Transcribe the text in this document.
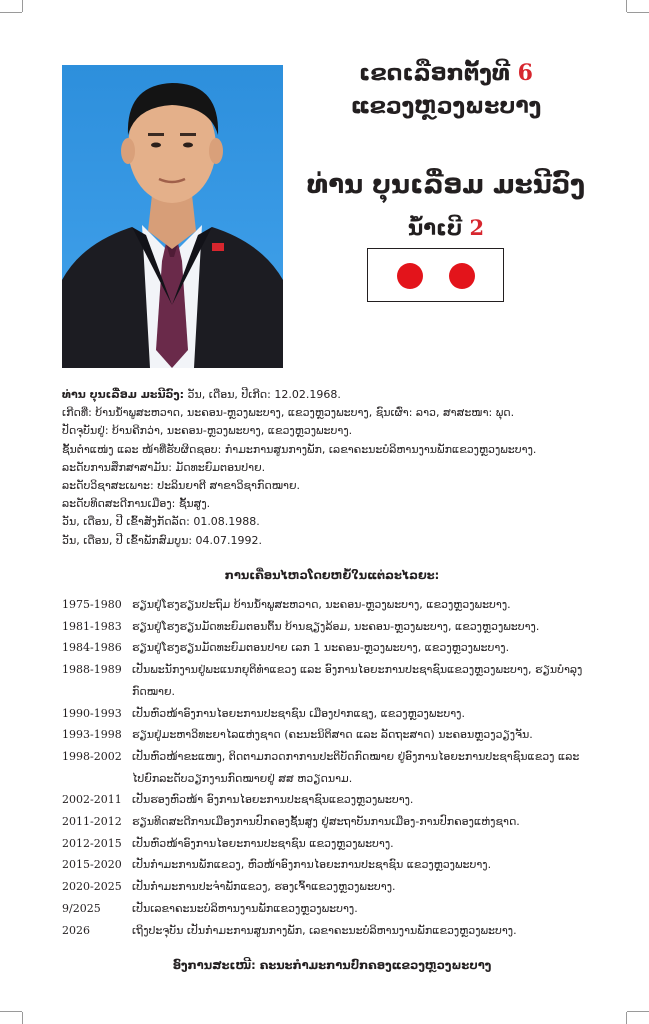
ເຂດເລືອກຕັ້ງທີ 6
ແຂວງຫຼວງພະບາງ
ທ່ານ ບຸນເລື່ອມ ມະນີວົງ
ນ້ຳເບີ 2
ທ່ານ ບຸນເລື່ອມ ມະນີວົງ: ວັນ, ເດືອນ, ປີເກີດ: 12.02.1968.
ເກີດທີ່: ບ້ານນ້ຳພູສະຫວາດ, ນະຄອນ-ຫຼວງພະບາງ, ແຂວງຫຼວງພະບາງ, ຊົນເຜົ່າ: ລາວ, ສາສະໜາ: ພຸດ.
ປັດຈຸບັນຢູ່: ບ້ານຄີກວ່າ, ນະຄອນ-ຫຼວງພະບາງ, ແຂວງຫຼວງພະບາງ.
ຊັ້ນຕຳແໜ່ງ ແລະ ໜ້າທີ່ຮັບຜິດຊອບ: ກຳມະການສູນກາງພັກ, ເລຂາຄະນະບໍລິຫານງານພັກແຂວງຫຼວງພະບາງ.
ລະດັບການສຶກສາສາມັນ: ມັດທະຍົມຕອນປາຍ.
ລະດັບວິຊາສະເພາະ: ປະລິນຍາຕີ ສາຂາວິຊາກົດໝາຍ.
ລະດັບທິດສະດີການເມືອງ: ຊັ້ນສູງ.
ວັນ, ເດືອນ, ປີ ເຂົ້າສັງກັດລັດ: 01.08.1988.
ວັນ, ເດືອນ, ປີ ເຂົ້າພັກສົມບູນ: 04.07.1992.
ການເຄື່ອນໄຫວໂດຍຫຍໍ້ໃນແຕ່ລະໄລຍະ:
1975-1980 ຮຽນຢູ່ໂຮງຮຽນປະຖົມ ບ້ານນ້ຳພູສະຫວາດ, ນະຄອນ-ຫຼວງພະບາງ, ແຂວງຫຼວງພະບາງ.
1981-1983 ຮຽນຢູ່ໂຮງຮຽນມັດທະຍົມຕອນຕົ້ນ ບ້ານຊຽງລ້ອມ, ນະຄອນ-ຫຼວງພະບາງ, ແຂວງຫຼວງພະບາງ.
1984-1986 ຮຽນຢູ່ໂຮງຮຽນມັດທະຍົມຕອນປາຍ ເລກ 1 ນະຄອນ-ຫຼວງພະບາງ, ແຂວງຫຼວງພະບາງ.
1988-1989 ເປັນພະນັກງານຢູ່ພະແນກຍຸຕິທຳແຂວງ ແລະ ອົງການໄອຍະການປະຊາຊົນແຂວງຫຼວງພະບາງ, ຮຽນບຳລຸງ
ກົດໝາຍ.
1990-1993 ເປັນຫົວໜ້າອົງການໄອຍະການປະຊາຊົນ ເມືອງປາກແຊງ, ແຂວງຫຼວງພະບາງ.
1993-1998 ຮຽນຢູ່ມະຫາວິທະຍາໄລແຫ່ງຊາດ (ຄະນະນິຕິສາດ ແລະ ລັດຖະສາດ) ນະຄອນຫຼວງວຽງຈັນ.
1998-2002 ເປັນຫົວໜ້າຂະແໜງ, ຕິດຕາມກວດກາການປະຕິບັດກົດໝາຍ ຢູ່ອົງການໄອຍະການປະຊາຊົນແຂວງ ແລະ
ໄປຍົກລະດັບວຽກງານກົດໝາຍຢູ່ ສສ ຫວຽດນາມ.
2002-2011 ເປັນຮອງຫົວໜ້າ ອົງການໄອຍະການປະຊາຊົນແຂວງຫຼວງພະບາງ.
2011-2012 ຮຽນທິດສະດີການເມືອງການປົກຄອງຊັ້ນສູງ ຢູ່ສະຖາບັນການເມືອງ-ການປົກຄອງແຫ່ງຊາດ.
2012-2015 ເປັນຫົວໜ້າອົງການໄອຍະການປະຊາຊົນ ແຂວງຫຼວງພະບາງ.
2015-2020 ເປັນກຳມະການພັກແຂວງ, ຫົວໜ້າອົງການໄອຍະການປະຊາຊົນ ແຂວງຫຼວງພະບາງ.
2020-2025 ເປັນກຳມະການປະຈຳພັກແຂວງ, ຮອງເຈົ້າແຂວງຫຼວງພະບາງ.
9/2025	ເປັນເລຂາຄະນະບໍລິຫານງານພັກແຂວງຫຼວງພະບາງ.
2026	ເຖິງປະຈຸບັນ ເປັນກຳມະການສູນກາງພັກ, ເລຂາຄະນະບໍລິຫານງານພັກແຂວງຫຼວງພະບາງ.
ອົງການສະເໜີ: ຄະນະກຳມະການປົກຄອງແຂວງຫຼວງພະບາງ
